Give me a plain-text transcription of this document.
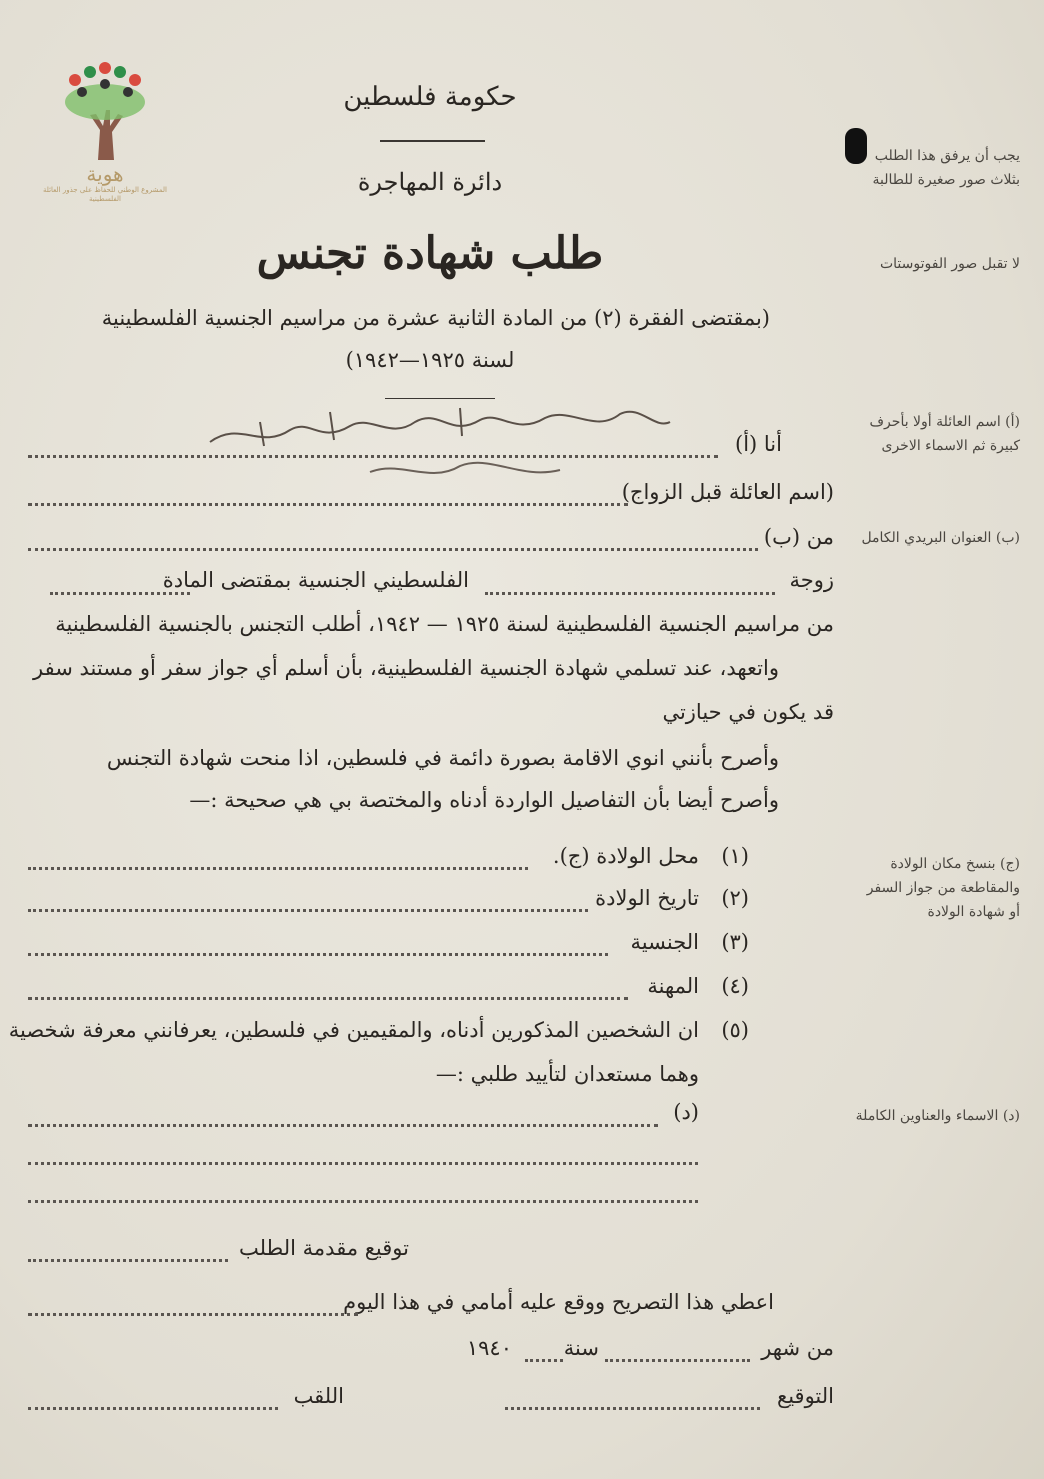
هوية
المشروع الوطني للحفاظ على جذور العائلة الفلسطينية
حكومة فلسطين
دائرة المهاجرة
طلب شهادة تجنس
(بمقتضى الفقرة (٢) من المادة الثانية عشرة من مراسيم الجنسية الفلسطينية
لسنة ١٩٢٥—١٩٤٢)
يجب أن يرفق هذا الطلب بثلاث صور صغيرة للطالبة
لا تقبل صور الفوتوستات
(أ) اسم العائلة أولا بأحرف كبيرة ثم الاسماء الاخرى
(ب) العنوان البريدي الكامل
(ج) بنسخ مكان الولادة والمقاطعة من جواز السفر أو شهادة الولادة
(د) الاسماء والعناوين الكاملة
أنا (أ)
(اسم العائلة قبل الزواج)
من (ب)
زوجة
الفلسطيني الجنسية بمقتضى المادة
من مراسيم الجنسية الفلسطينية لسنة ١٩٢٥ — ١٩٤٢، أطلب التجنس بالجنسية الفلسطينية
واتعهد، عند تسلمي شهادة الجنسية الفلسطينية، بأن أسلم أي جواز سفر أو مستند سفر
قد يكون في حيازتي
وأصرح بأنني انوي الاقامة بصورة دائمة في فلسطين، اذا منحت شهادة التجنس
وأصرح أيضا بأن التفاصيل الواردة أدناه والمختصة بي هي صحيحة :—
(١)
محل الولادة (ج).
(٢)
تاريخ الولادة
(٣)
الجنسية
(٤)
المهنة
(٥)
ان الشخصين المذكورين أدناه، والمقيمين في فلسطين، يعرفانني معرفة شخصية
وهما مستعدان لتأييد طلبي :—
(د)
توقيع مقدمة الطلب
اعطي هذا التصريح ووقع عليه أمامي في هذا اليوم
من شهر
سنة
١٩٤٠
التوقيع
اللقب
